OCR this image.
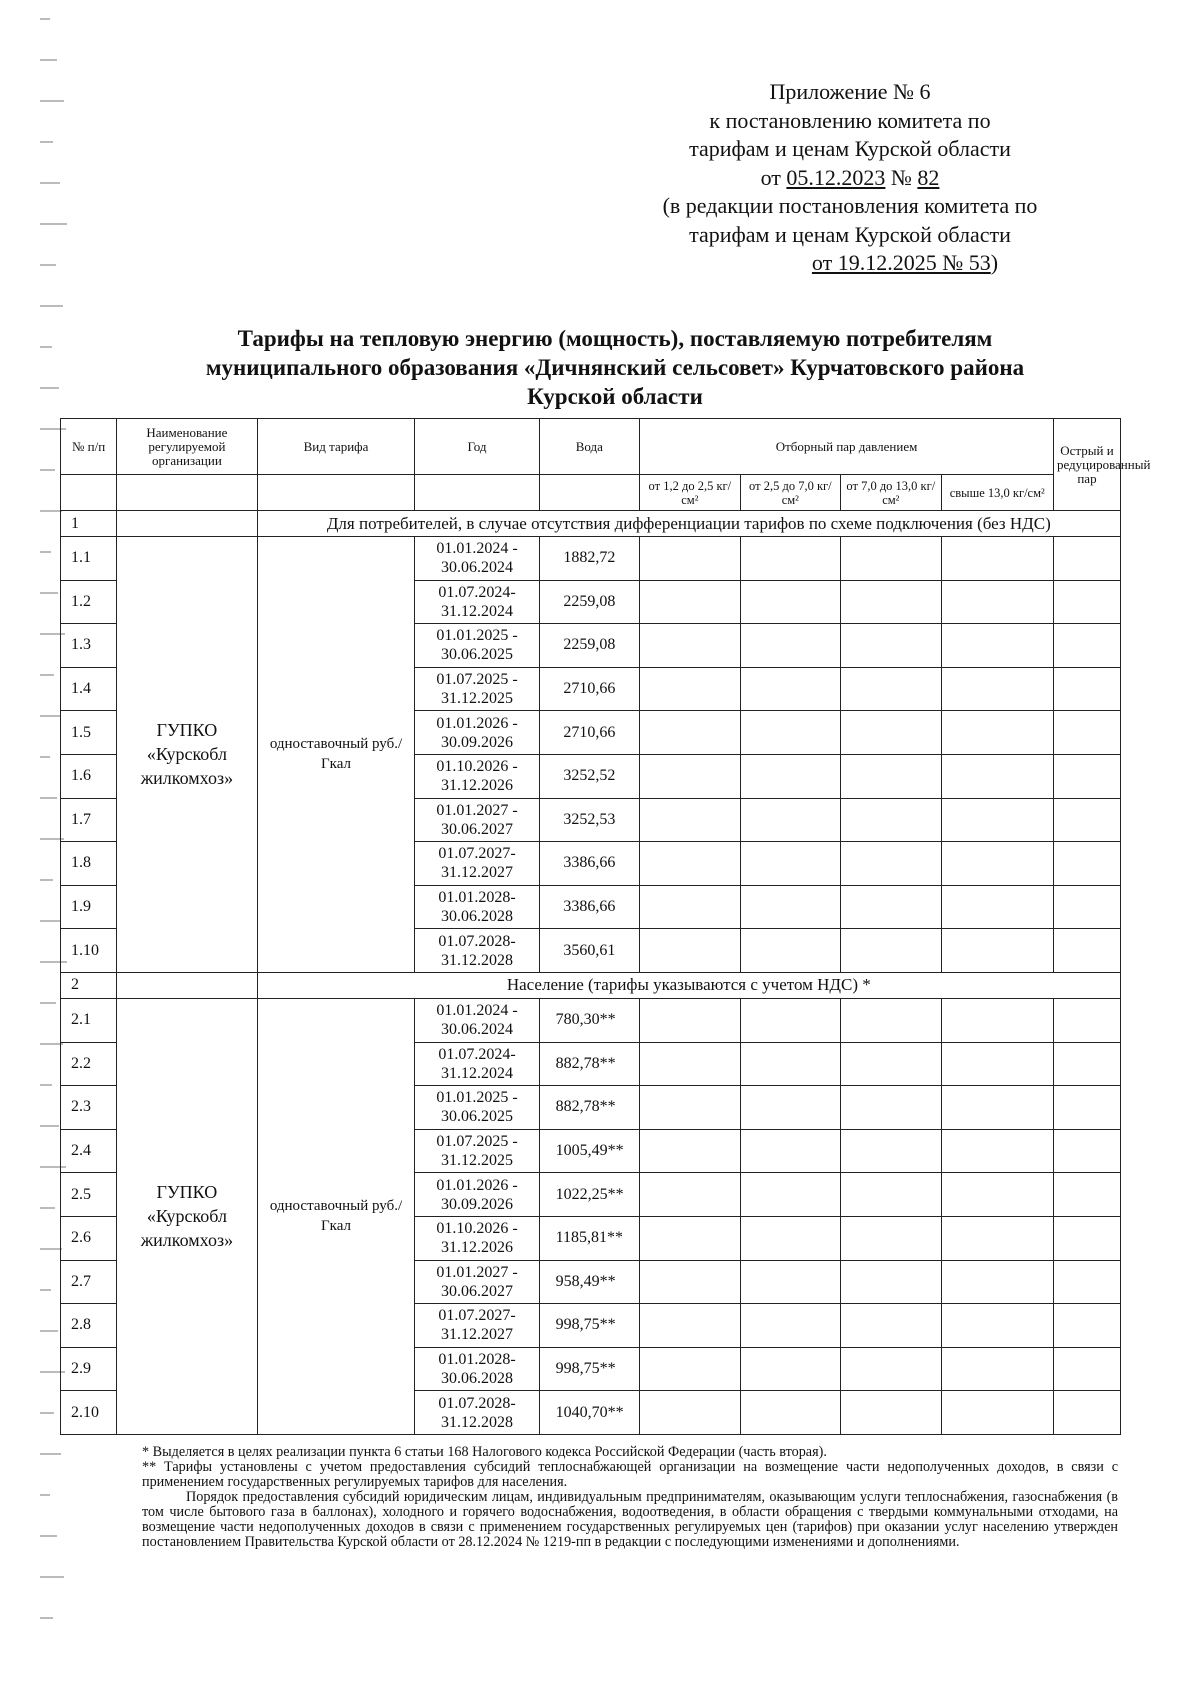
Приложение № 6
к постановлению комитета по
тарифам и ценам Курской области
от 05.12.2023 № 82
(в редакции постановления комитета по
тарифам и ценам Курской области
от 19.12.2025 № 53)
Тарифы на тепловую энергию (мощность), поставляемую потребителям
муниципального образования «Дичнянский сельсовет» Курчатовского района
Курской области
№ п/п	Наименование регулируемой организации	Вид тарифа	Год	Вода	Отборный пар давлением				Острый и редуцированный пар
					от 1,2 до 2,5 кг/см²	от 2,5 до 7,0 кг/см²	от 7,0 до 13,0 кг/см²	свыше 13,0 кг/см²	
1		Для потребителей, в случае отсутствия дифференциации тарифов по схеме подключения (без НДС)							
1.1	ГУПКО «Курскобл жилкомхоз»	одноставочный руб./Гкал	01.01.2024 - 30.06.2024	1882,72					
1.2			01.07.2024- 31.12.2024	2259,08					
1.3			01.01.2025 - 30.06.2025	2259,08					
1.4			01.07.2025 - 31.12.2025	2710,66					
1.5			01.01.2026 - 30.09.2026	2710,66					
1.6			01.10.2026 - 31.12.2026	3252,52					
1.7			01.01.2027 - 30.06.2027	3252,53					
1.8			01.07.2027- 31.12.2027	3386,66					
1.9			01.01.2028- 30.06.2028	3386,66					
1.10			01.07.2028- 31.12.2028	3560,61					
2		Население (тарифы указываются с учетом НДС) *							
2.1	ГУПКО «Курскобл жилкомхоз»	одноставочный руб./Гкал	01.01.2024 - 30.06.2024	780,30**					
2.2			01.07.2024- 31.12.2024	882,78**					
2.3			01.01.2025 - 30.06.2025	882,78**					
2.4			01.07.2025 - 31.12.2025	1005,49**					
2.5			01.01.2026 - 30.09.2026	1022,25**					
2.6			01.10.2026 - 31.12.2026	1185,81**					
2.7			01.01.2027 - 30.06.2027	958,49**					
2.8			01.07.2027- 31.12.2027	998,75**					
2.9			01.01.2028- 30.06.2028	998,75**					
2.10			01.07.2028- 31.12.2028	1040,70**					

* Выделяется в целях реализации пункта 6 статьи 168 Налогового кодекса Российской Федерации (часть вторая).

** Тарифы установлены с учетом предоставления субсидий теплоснабжающей организации на возмещение части недополученных доходов, в связи с применением государственных регулируемых тарифов для населения.

Порядок предоставления субсидий юридическим лицам, индивидуальным предпринимателям, оказывающим услуги теплоснабжения, газоснабжения (в том числе бытового газа в баллонах), холодного и горячего водоснабжения, водоотведения, в области обращения с твердыми коммунальными отходами, на возмещение части недополученных доходов в связи с применением государственных регулируемых цен (тарифов) при оказании услуг населению утвержден постановлением Правительства Курской области от 28.12.2024 № 1219-пп в редакции с последующими изменениями и дополнениями.
